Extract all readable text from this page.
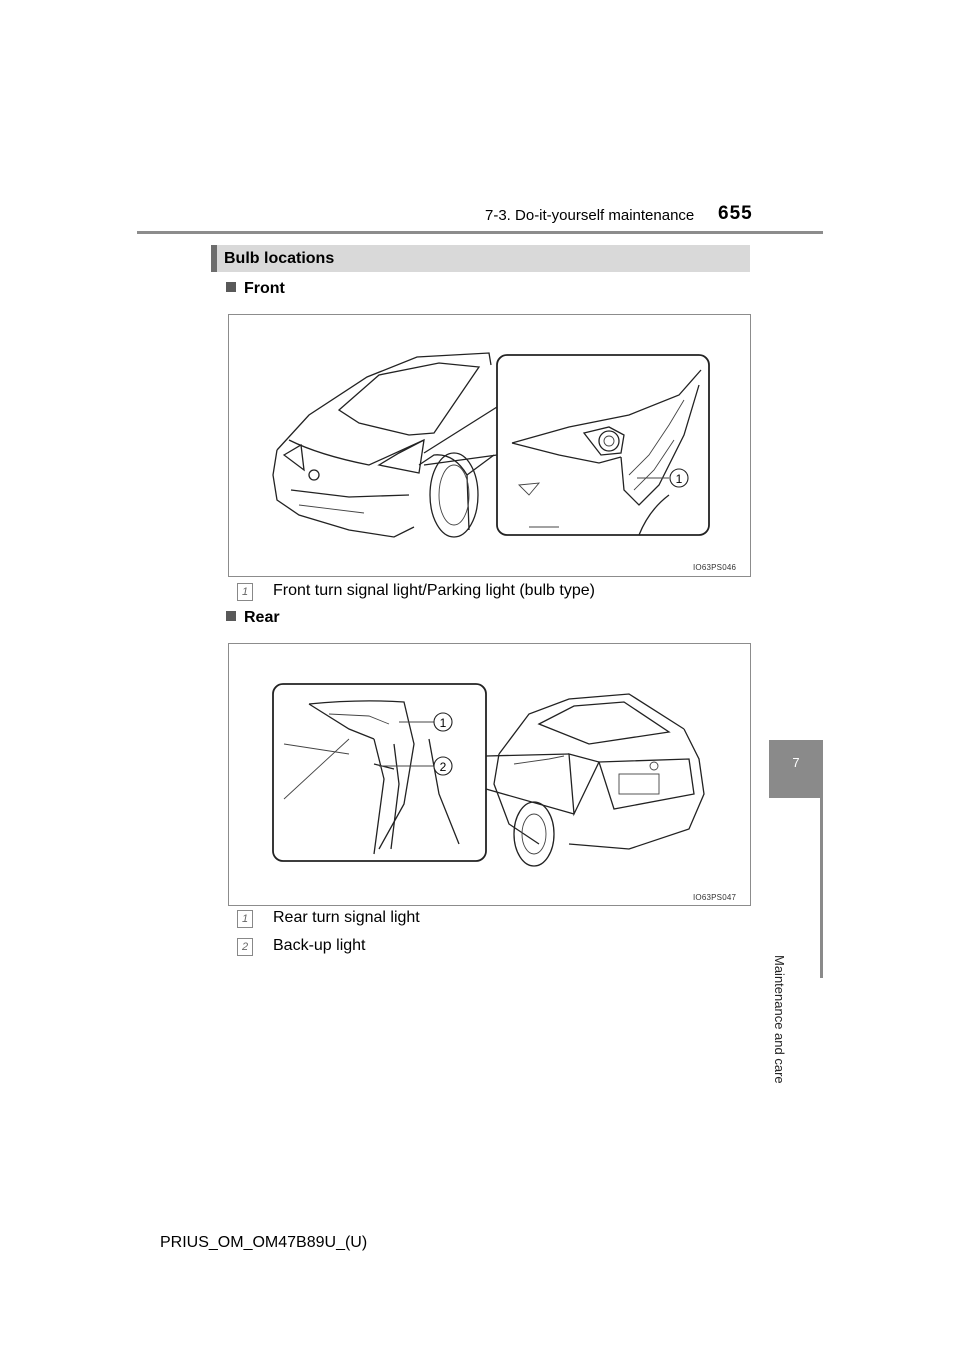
7-3. Do-it-yourself maintenance 655
7
Maintenance and care
Bulb locations
Front
1
IO63PS046
1	Front turn signal light/Parking light (bulb type)
Rear
1
2
IO63PS047
1	Rear turn signal light
2	Back-up light
PRIUS_OM_OM47B89U_(U)
